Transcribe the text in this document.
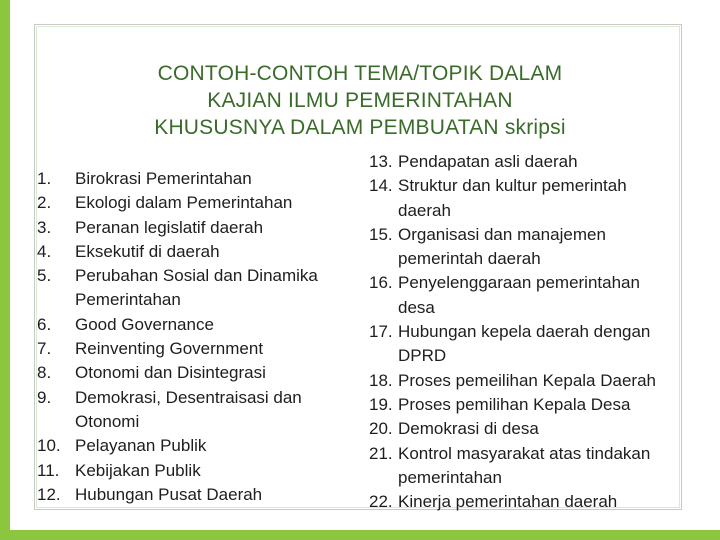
CONTOH-CONTOH TEMA/TOPIK DALAM
KAJIAN ILMU PEMERINTAHAN
KHUSUSNYA DALAM PEMBUATAN skripsi
1.	Birokrasi Pemerintahan
2.	Ekologi dalam Pemerintahan
3.	Peranan legislatif daerah
4.	Eksekutif di daerah
5.	Perubahan Sosial dan Dinamika
Pemerintahan
6.	Good Governance
7.	Reinventing Government
8.	Otonomi dan Disintegrasi
9.	Demokrasi, Desentraisasi dan
Otonomi
10. Pelayanan Publik
11. Kebijakan Publik
12. Hubungan Pusat Daerah
13. Pendapatan asli daerah
14. Struktur dan kultur pemerintah
daerah
15. Organisasi dan manajemen
pemerintah daerah
16. Penyelenggaraan pemerintahan
desa
17. Hubungan kepela daerah dengan
DPRD
18. Proses pemeilihan Kepala Daerah
19. Proses pemilihan Kepala Desa
20. Demokrasi di desa
21. Kontrol masyarakat atas tindakan
pemerintahan
22. Kinerja pemerintahan daerah
